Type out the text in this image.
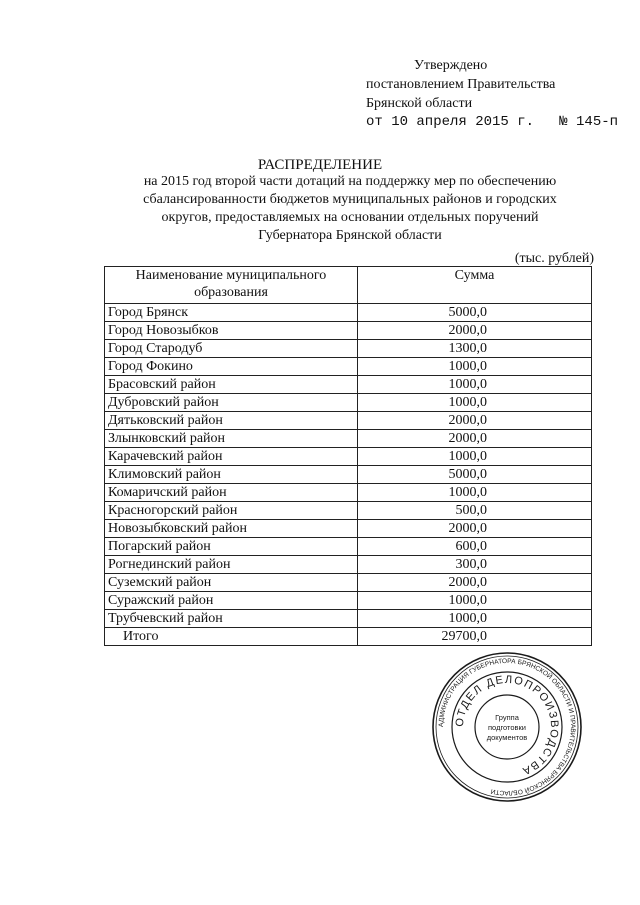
Утверждено
постановлением Правительства
Брянской области
от 10 апреля 2015 г.   № 145-п
РАСПРЕДЕЛЕНИЕ
на 2015 год второй части дотаций на поддержку мер по обеспечению
сбалансированности бюджетов муниципальных районов и городских
округов, предоставляемых на основании отдельных поручений
Губернатора Брянской области
(тыс. рублей)
Наименование муниципального образования	Сумма
Город Брянск	5000,0
Город Новозыбков	2000,0
Город Стародуб	1300,0
Город Фокино	1000,0
Брасовский район	1000,0
Дубровский район	1000,0
Дятьковский район	2000,0
Злынковский район	2000,0
Карачевский район	1000,0
Климовский район	5000,0
Комаричский район	1000,0
Красногорский район	500,0
Новозыбковский район	2000,0
Погарский район	600,0
Рогнединский район	300,0
Суземский район	2000,0
Суражский район	1000,0
Трубчевский район	1000,0
Итого	29700,0
АДМИНИСТРАЦИЯ ГУБЕРНАТОРА БРЯНСКОЙ ОБЛАСТИ И ПРАВИТЕЛЬСТВА БРЯНСКОЙ ОБЛАСТИ
ОТДЕЛ ДЕЛОПРОИЗВОДСТВА
Группа
подготовки
документов
